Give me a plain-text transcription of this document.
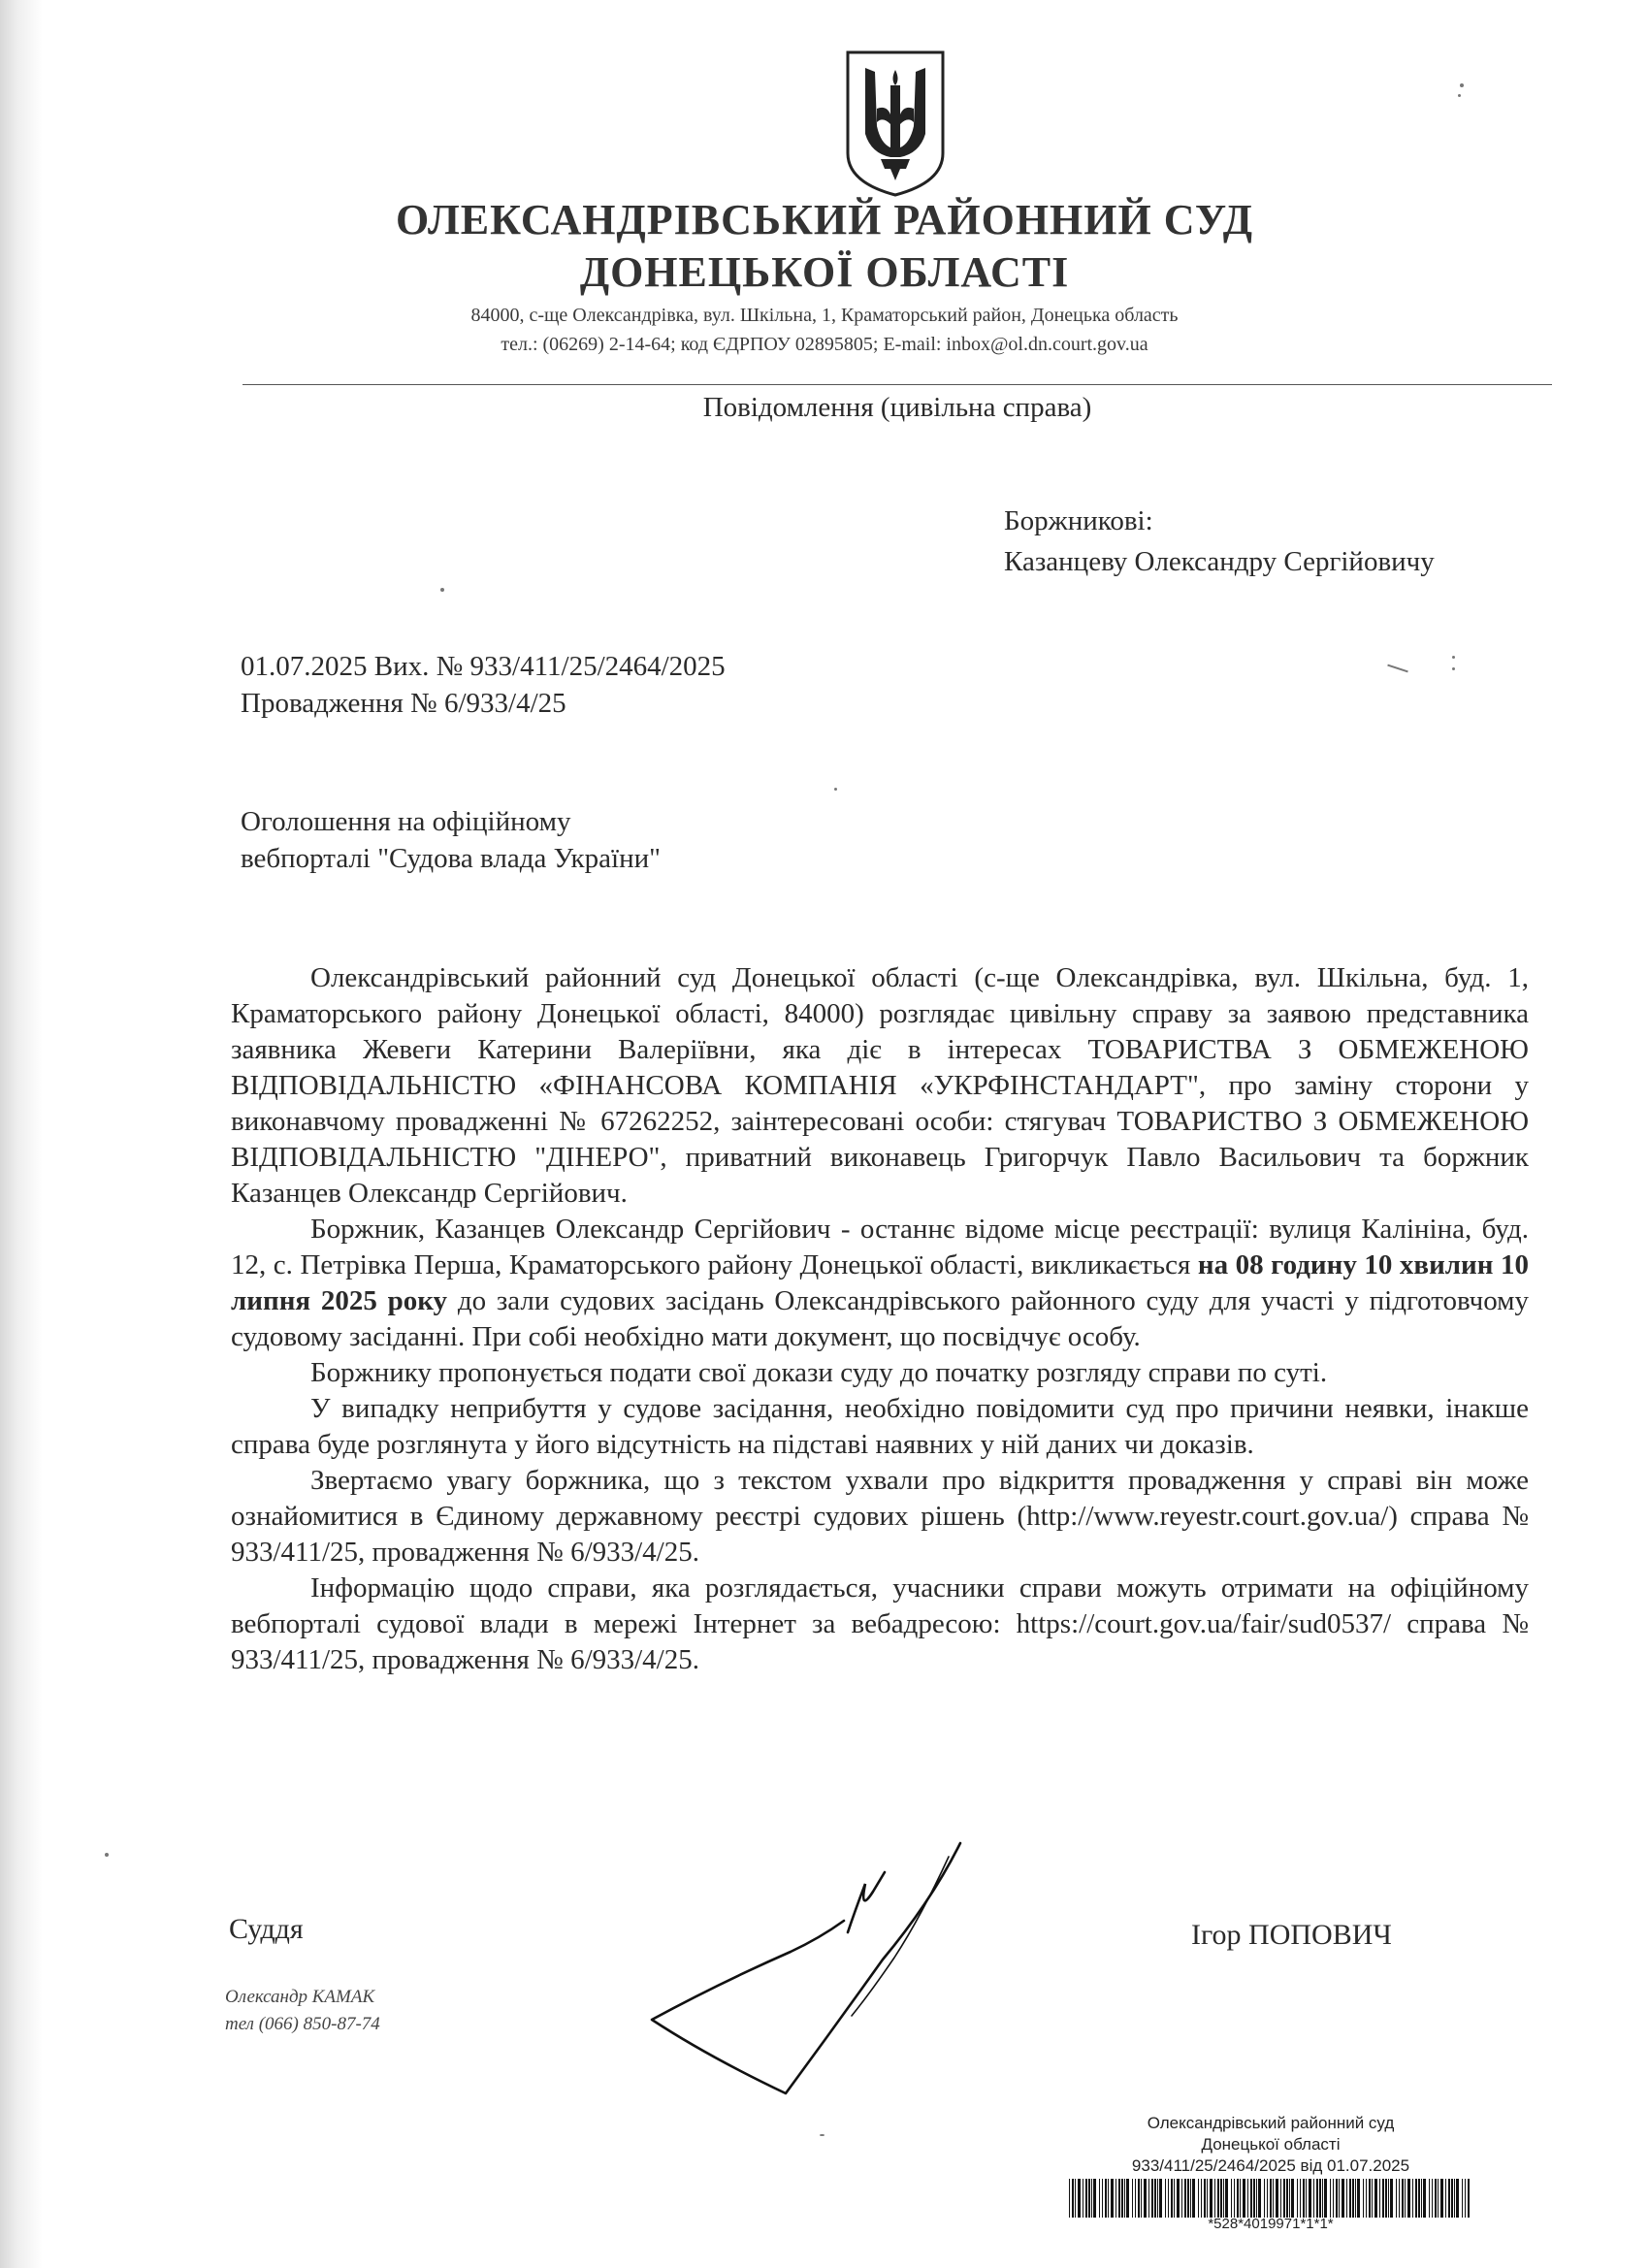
ОЛЕКСАНДРІВСЬКИЙ РАЙОННИЙ СУД
ДОНЕЦЬКОЇ ОБЛАСТІ
84000, с-ще Олександрівка, вул. Шкільна, 1, Краматорський район, Донецька область
тел.: (06269) 2-14-64; код ЄДРПОУ 02895805; E-mail: inbox@ol.dn.court.gov.ua
Повідомлення (цивільна справа)
Боржникові:
Казанцеву Олександру Сергійовичу
01.07.2025 Вих. № 933/411/25/2464/2025
Провадження № 6/933/4/25
Оголошення на офіційному
вебпорталі "Судова влада України"

Олександрівський районний суд Донецької області (с-ще Олександрівка, вул. Шкільна, буд. 1, Краматорського району Донецької області, 84000) розглядає цивільну справу за заявою представника заявника Жевеги Катерини Валеріївни, яка діє в інтересах ТОВАРИСТВА З ОБМЕЖЕНОЮ ВІДПОВІДАЛЬНІСТЮ «ФІНАНСОВА КОМПАНІЯ «УКРФІНСТАНДАРТ", про заміну сторони у виконавчому провадженні № 67262252, заінтересовані особи: стягувач ТОВАРИСТВО З ОБМЕЖЕНОЮ ВІДПОВІДАЛЬНІСТЮ "ДІНЕРО", приватний виконавець Григорчук Павло Васильович та боржник Казанцев Олександр Сергійович.

Боржник, Казанцев Олександр Сергійович - останнє відоме місце реєстрації: вулиця Калініна, буд. 12, с. Петрівка Перша, Краматорського району Донецької області, викликається на 08 годину 10 хвилин 10 липня 2025 року до зали судових засідань Олександрівського районного суду для участі у підготовчому судовому засіданні. При собі необхідно мати документ, що посвідчує особу.

Боржнику пропонується подати свої докази суду до початку розгляду справи по суті.

У випадку неприбуття у судове засідання, необхідно повідомити суд про причини неявки, інакше справа буде розглянута у його відсутність на підставі наявних у ній даних чи доказів.

Звертаємо увагу боржника, що з текстом ухвали про відкриття провадження у справі він може ознайомитися в Єдиному державному реєстрі судових рішень (http://www.reyestr.court.gov.ua/) справа № 933/411/25, провадження № 6/933/4/25.

Інформацію щодо справи, яка розглядається, учасники справи можуть отримати на офіційному вебпорталі судової влади в мережі Інтернет за вебадресою: https://court.gov.ua/fair/sud0537/ справа № 933/411/25, провадження № 6/933/4/25.

Суддя	Ігор ПОПОВИЧ
Олександр КАМАК
тел (066) 850-87-74
Олександрівський районний суд
Донецької області
933/411/25/2464/2025 від 01.07.2025
*528*4019971*1*1*
